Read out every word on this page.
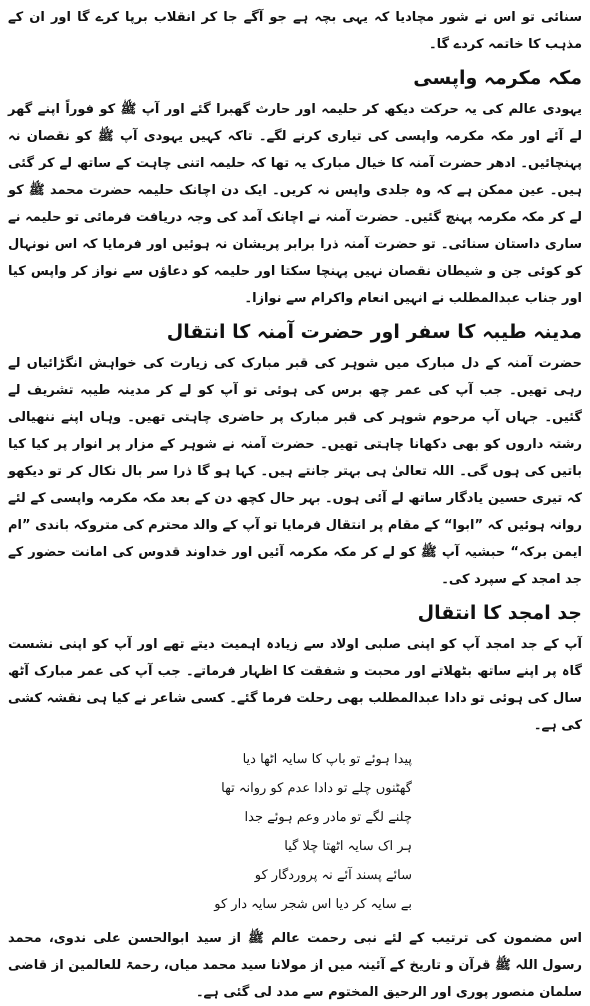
سنائی تو اس نے شور مچادیا کہ یہی بچہ ہے جو آگے جا کر انقلاب برپا کرے گا اور ان کے مذہب کا خاتمہ کردے گا۔

مکہ مکرمہ واپسی

یہودی عالم کی یہ حرکت دیکھ کر حلیمہ اور حارث گھبرا گئے اور آپ ﷺ کو فوراً اپنے گھر لے آئے اور مکہ مکرمہ واپسی کی تیاری کرنے لگے۔ تاکہ کہیں یہودی آپ ﷺ کو نقصان نہ پہنچائیں۔ ادھر حضرت آمنہ کا خیال مبارک یہ تھا کہ حلیمہ اتنی چاہت کے ساتھ لے کر گئی ہیں۔ عین ممکن ہے کہ وہ جلدی واپس نہ کریں۔ ایک دن اچانک حلیمہ حضرت محمد ﷺ کو لے کر مکہ مکرمہ پہنچ گئیں۔ حضرت آمنہ نے اچانک آمد کی وجہ دریافت فرمائی تو حلیمہ نے ساری داستان سنائی۔ تو حضرت آمنہ ذرا برابر پریشان نہ ہوئیں اور فرمایا کہ اس نونہال کو کوئی جن و شیطان نقصان نہیں پہنچا سکتا اور حلیمہ کو دعاؤں سے نواز کر واپس کیا اور جناب عبدالمطلب نے انہیں انعام واکرام سے نوازا۔

مدینہ طیبہ کا سفر اور حضرت آمنہ کا انتقال

حضرت آمنہ کے دل مبارک میں شوہر کی قبر مبارک کی زیارت کی خواہش انگڑائیاں لے رہی تھیں۔ جب آپ کی عمر چھ برس کی ہوئی تو آپ کو لے کر مدینہ طیبہ تشریف لے گئیں۔ جہاں آپ مرحوم شوہر کی قبر مبارک پر حاضری چاہتی تھیں۔ وہاں اپنے ننھیالی رشتہ داروں کو بھی دکھانا چاہتی تھیں۔ حضرت آمنہ نے شوہر کے مزار پر انوار پر کیا کیا باتیں کی ہوں گی۔ اللہ تعالیٰ ہی بہتر جانتے ہیں۔ کہا ہو گا ذرا سر بال نکال کر تو دیکھو کہ تیری حسین یادگار ساتھ لے آئی ہوں۔ بہر حال کچھ دن کے بعد مکہ مکرمہ واپسی کے لئے روانہ ہوئیں کہ ”ابوا“ کے مقام پر انتقال فرمایا تو آپ کے والد محترم کی متروکہ باندی ”ام ایمن برکہ“ حبشیہ آپ ﷺ کو لے کر مکہ مکرمہ آئیں اور خداوند قدوس کی امانت حضور کے جد امجد کے سپرد کی۔

جد امجد کا انتقال

آپ کے جد امجد آپ کو اپنی صلبی اولاد سے زیادہ اہمیت دیتے تھے اور آپ کو اپنی نشست گاہ پر اپنے ساتھ بٹھلاتے اور محبت و شفقت کا اظہار فرماتے۔ جب آپ کی عمر مبارک آٹھ سال کی ہوئی تو دادا عبدالمطلب بھی رحلت فرما گئے۔ کسی شاعر نے کیا ہی نقشہ کشی کی ہے۔

پیدا ہوئے تو باپ کا سایہ اٹھا دیا
گھٹنوں چلے تو دادا عدم کو روانہ تھا
چلنے لگے تو مادر وعم ہوئے جدا
ہر اک سایہ اٹھتا چلا گیا
سائے پسند آئے نہ پروردگار کو
بے سایہ کر دیا اس شجر سایہ دار کو

اس مضمون کی ترتیب کے لئے نبی رحمت عالم ﷺ از سید ابوالحسن علی ندوی، محمد رسول اللہ ﷺ قرآن و تاریخ کے آئینہ میں از مولانا سید محمد میاں، رحمۃ للعالمین از قاضی سلمان منصور پوری اور الرحیق المختوم سے مدد لی گئی ہے۔
